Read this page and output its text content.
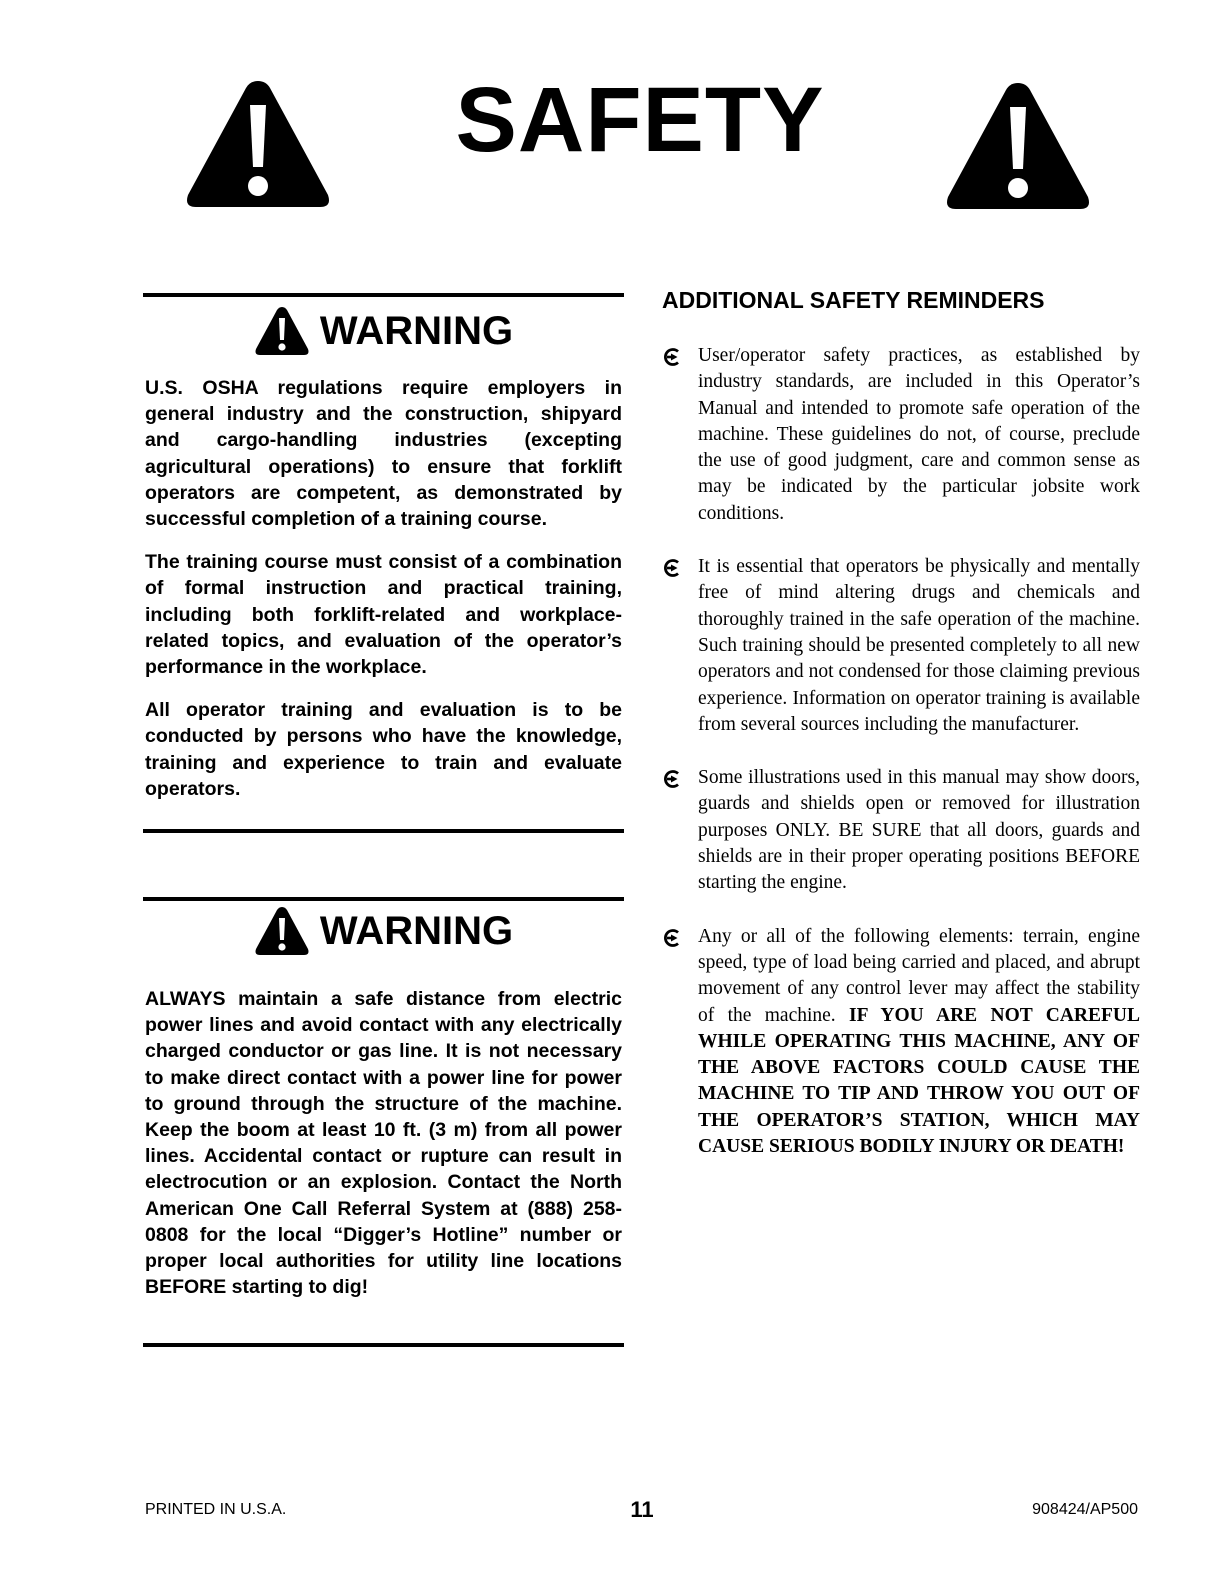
SAFETY
WARNING

U.S. OSHA regulations require employers in general industry and the construction, shipyard and cargo-handling industries (excepting agricultural operations) to ensure that forklift operators are competent, as demonstrated by successful completion of a training course.

The training course must consist of a combination of formal instruction and practical training, including both forklift-related and workplace-related topics, and evaluation of the operator’s performance in the workplace.

All operator training and evaluation is to be conducted by persons who have the knowledge, training and experience to train and evaluate operators.

WARNING

ALWAYS maintain a safe distance from electric power lines and avoid contact with any electrically charged conductor or gas line. It is not necessary to make direct contact with a power line for power to ground through the structure of the machine. Keep the boom at least 10 ft. (3 m) from all power lines. Accidental contact or rupture can result in electrocution or an explosion. Contact the North American One Call Referral System at (888) 258-0808 for the local “Digger’s Hotline” number or proper local authorities for utility line locations BEFORE starting to dig!

ADDITIONAL SAFETY REMINDERS
User/operator safety practices, as established by industry standards, are included in this Operator’s Manual and intended to promote safe operation of the machine. These guidelines do not, of course, preclude the use of good judgment, care and common sense as may be indicated by the particular jobsite work conditions.
It is essential that operators be physically and mentally free of mind altering drugs and chemicals and thoroughly trained in the safe operation of the machine. Such training should be presented completely to all new operators and not condensed for those claiming previous experience. Information on operator training is available from several sources including the manufacturer.
Some illustrations used in this manual may show doors, guards and shields open or removed for illustration purposes ONLY. BE SURE that all doors, guards and shields are in their proper operating positions BEFORE starting the engine.
Any or all of the following elements: terrain, engine speed, type of load being carried and placed, and abrupt movement of any control lever may affect the stability of the machine. IF YOU ARE NOT CAREFUL WHILE OPERATING THIS MACHINE, ANY OF THE ABOVE FACTORS COULD CAUSE THE MACHINE TO TIP AND THROW YOU OUT OF THE OPERATOR’S STATION, WHICH MAY CAUSE SERIOUS BODILY INJURY OR DEATH!
PRINTED IN U.S.A.	11	908424/AP500
